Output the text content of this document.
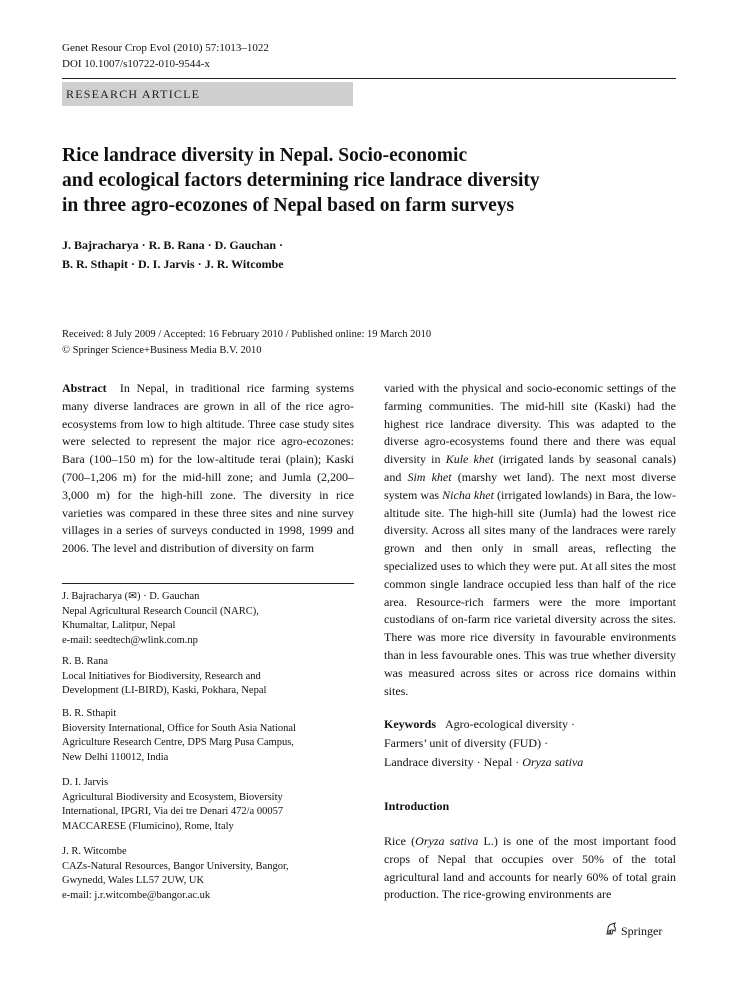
Genet Resour Crop Evol (2010) 57:1013–1022
DOI 10.1007/s10722-010-9544-x
RESEARCH ARTICLE
Rice landrace diversity in Nepal. Socio-economic
and ecological factors determining rice landrace diversity
in three agro-ecozones of Nepal based on farm surveys
J. Bajracharya · R. B. Rana · D. Gauchan ·
B. R. Sthapit · D. I. Jarvis · J. R. Witcombe
Received: 8 July 2009 / Accepted: 16 February 2010 / Published online: 19 March 2010
© Springer Science+Business Media B.V. 2010

Abstract In Nepal, in traditional rice farming systems many diverse landraces are grown in all of the rice agro-ecosystems from low to high altitude. Three case study sites were selected to represent the major rice agro-ecozones: Bara (100–150 m) for the low-altitude terai (plain); Kaski (700–1,206 m) for the mid-hill zone; and Jumla (2,200–3,000 m) for the high-hill zone. The diversity in rice varieties was compared in these three sites and nine survey villages in a series of surveys conducted in 1998, 1999 and 2006. The level and distribution of diversity on farm

J. Bajracharya (✉) · D. Gauchan
Nepal Agricultural Research Council (NARC),
Khumaltar, Lalitpur, Nepal
e-mail: seedtech@wlink.com.np
R. B. Rana
Local Initiatives for Biodiversity, Research and
Development (LI-BIRD), Kaski, Pokhara, Nepal
B. R. Sthapit
Bioversity International, Office for South Asia National
Agriculture Research Centre, DPS Marg Pusa Campus,
New Delhi 110012, India
D. I. Jarvis
Agricultural Biodiversity and Ecosystem, Bioversity
International, IPGRI, Via dei tre Denari 472/a 00057
MACCARESE (Flumicino), Rome, Italy
J. R. Witcombe
CAZs-Natural Resources, Bangor University, Bangor,
Gwynedd, Wales LL57 2UW, UK
e-mail: j.r.witcombe@bangor.ac.uk

varied with the physical and socio-economic settings of the farming communities. The mid-hill site (Kaski) had the highest rice landrace diversity. This was adapted to the diverse agro-ecosystems found there and there was equal diversity in Kule khet (irrigated lands by seasonal canals) and Sim khet (marshy wet land). The next most diverse system was Nicha khet (irrigated lowlands) in Bara, the low-altitude site. The high-hill site (Jumla) had the lowest rice diversity. Across all sites many of the landraces were rarely grown and then only in small areas, reflecting the specialized uses to which they were put. At all sites the most common single landrace occupied less than half of the rice area. Resource-rich farmers were the more important custodians of on-farm rice varietal diversity across the sites. There was more rice diversity in favourable environments than in less favourable ones. This was true whether diversity was measured across sites or across rice domains within sites.

Keywords Agro-ecological diversity ·
Farmers’ unit of diversity (FUD) ·
Landrace diversity · Nepal · Oryza sativa
Introduction

Rice (Oryza sativa L.) is one of the most important food crops of Nepal that occupies over 50% of the total agricultural land and accounts for nearly 60% of total grain production. The rice-growing environments are

Springer
